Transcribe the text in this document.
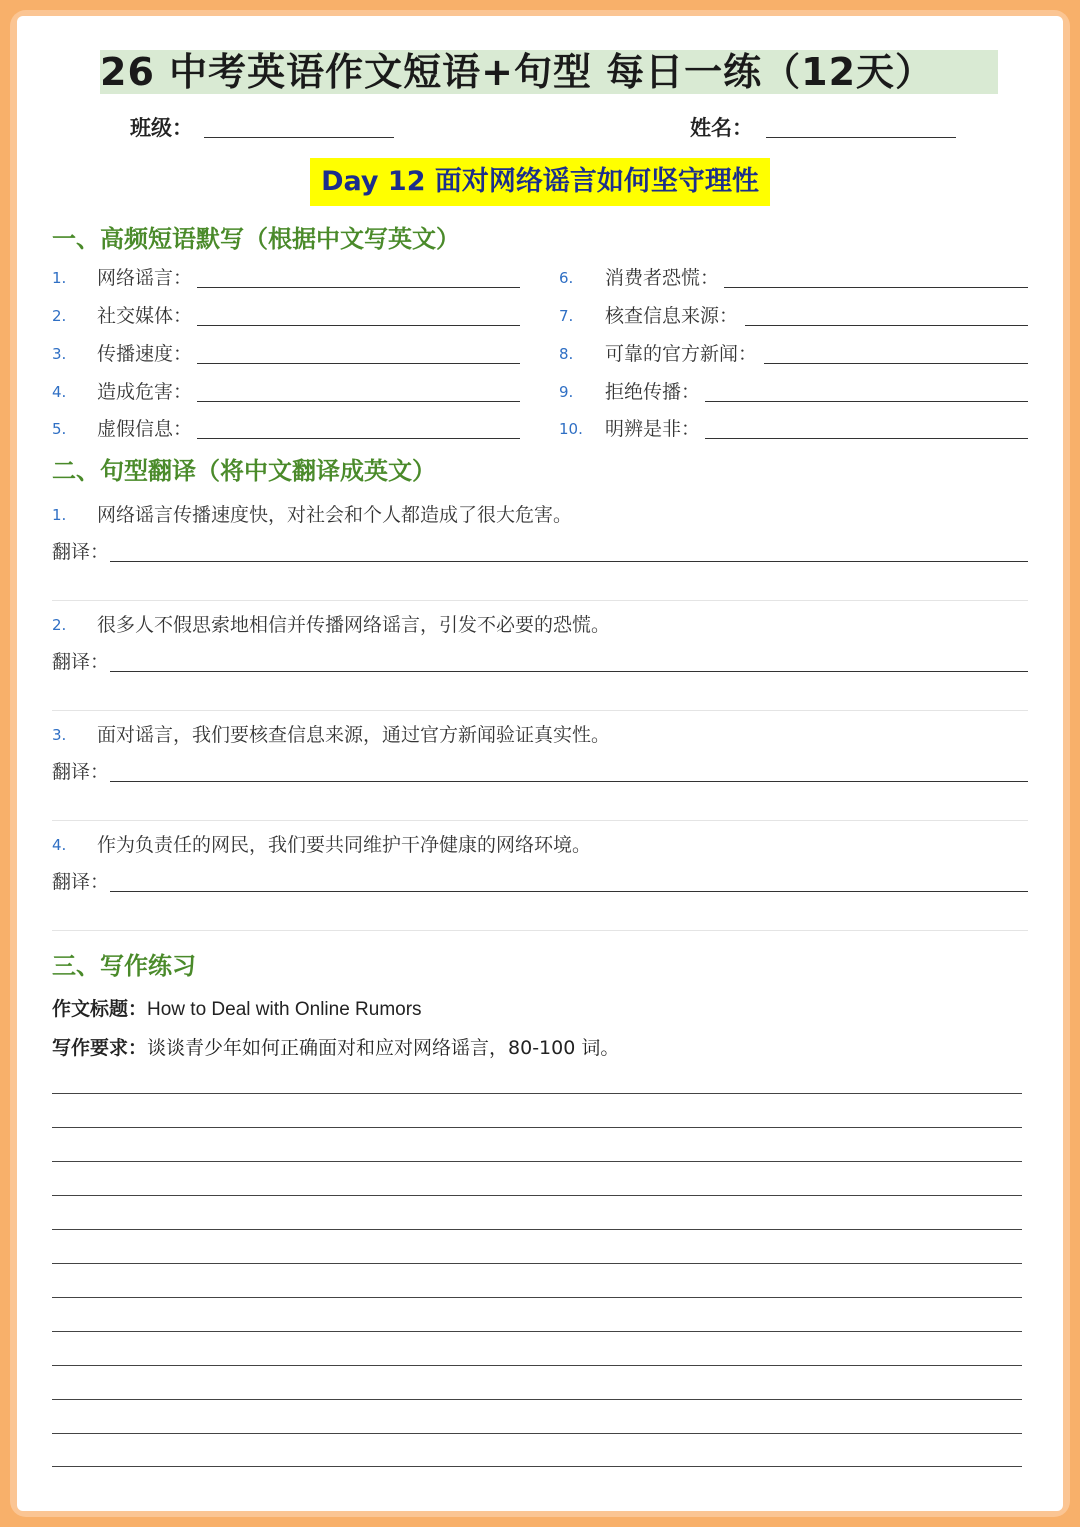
26 中考英语作文短语+句型 每日一练（12天）
班级：	姓名：
Day 12 面对网络谣言如何坚守理性
一、高频短语默写（根据中文写英文）
1. 网络谣言：
2. 社交媒体：
3. 传播速度：
4. 造成危害：
5. 虚假信息：
6. 消费者恐慌：
7. 核查信息来源：
8. 可靠的官方新闻：
9. 拒绝传播：
10. 明辨是非：
二、句型翻译（将中文翻译成英文）
1. 网络谣言传播速度快，对社会和个人都造成了很大危害。
翻译：
2. 很多人不假思索地相信并传播网络谣言，引发不必要的恐慌。
翻译：
3. 面对谣言，我们要核查信息来源，通过官方新闻验证真实性。
翻译：
4. 作为负责任的网民，我们要共同维护干净健康的网络环境。
翻译：
三、写作练习
作文标题：How to Deal with Online Rumors
写作要求：谈谈青少年如何正确面对和应对网络谣言，80-100 词。
